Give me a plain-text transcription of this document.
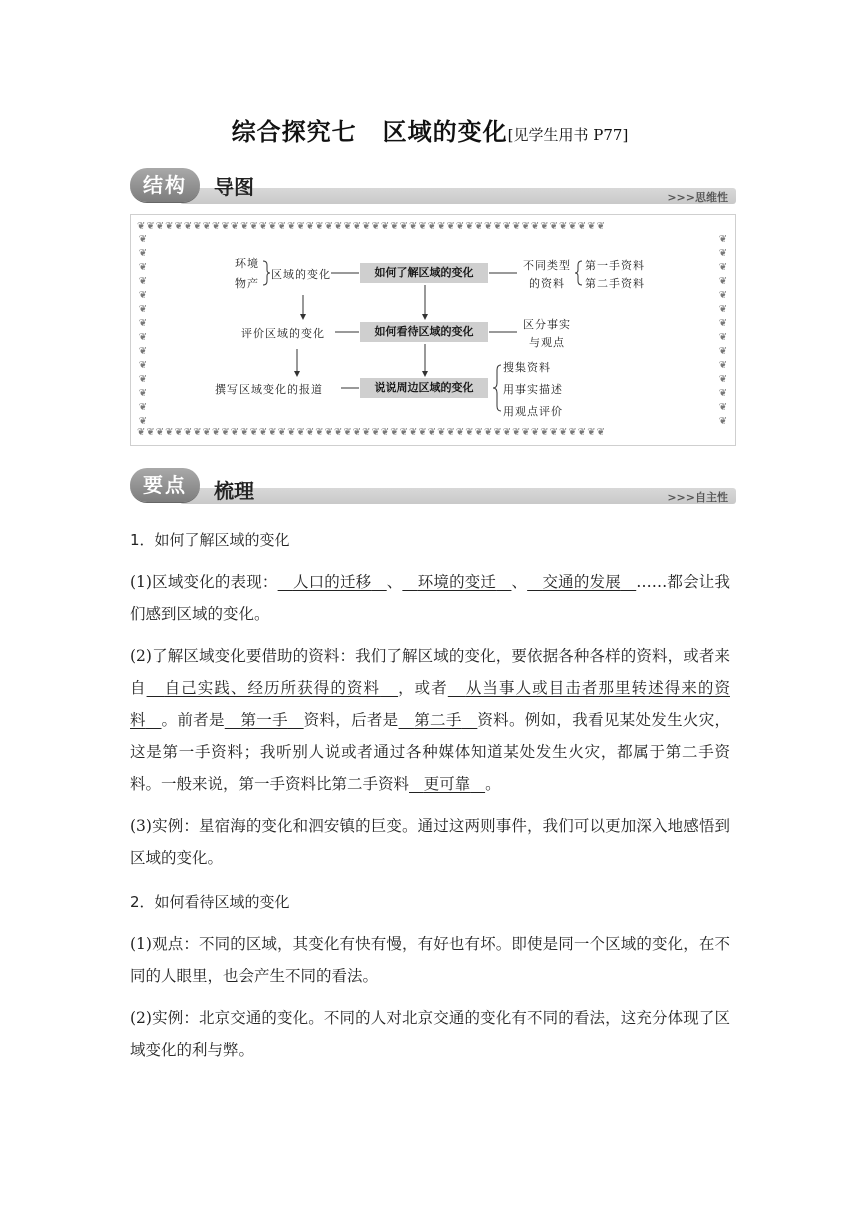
综合探究七 区域的变化[见学生用书 P77]
结构	导图	>>>思维性
❦❦❦❦❦❦❦❦❦❦❦❦❦❦❦❦❦❦❦❦❦❦❦❦❦❦❦❦❦❦❦❦❦❦❦❦❦❦❦❦❦❦❦❦❦❦❦❦❦❦
❦❦❦❦❦❦❦❦❦❦❦❦❦❦❦❦❦❦❦❦❦❦❦❦❦❦❦❦❦❦❦❦❦❦❦❦❦❦❦❦❦❦❦❦❦❦❦❦❦❦
❦❦❦❦❦❦❦❦❦❦❦❦❦❦
❦❦❦❦❦❦❦❦❦❦❦❦❦❦
环境
物产
区域的变化	如何了解区域的变化
不同类型
的资料
第一手资料
第二手资料
评价区域的变化	如何看待区域的变化
区分事实
与观点
撰写区域变化的报道	说说周边区域的变化
搜集资料
用事实描述
用观点评价
要点	梳理	>>>自主性

1．如何了解区域的变化

(1)区域变化的表现： 人口的迁移 、 环境的变迁 、 交通的发展 ……都会让我们感到区域的变化。

(2)了解区域变化要借助的资料：我们了解区域的变化，要依据各种各样的资料，或者来自 自己实践、经历所获得的资料 ，或者 从当事人或目击者那里转述得来的资料 。前者是 第一手 资料，后者是 第二手 资料。例如，我看见某处发生火灾，这是第一手资料；我听别人说或者通过各种媒体知道某处发生火灾，都属于第二手资料。一般来说，第一手资料比第二手资料 更可靠 。

(3)实例：星宿海的变化和泗安镇的巨变。通过这两则事件，我们可以更加深入地感悟到区域的变化。

2．如何看待区域的变化

(1)观点：不同的区域，其变化有快有慢，有好也有坏。即使是同一个区域的变化，在不同的人眼里，也会产生不同的看法。

(2)实例：北京交通的变化。不同的人对北京交通的变化有不同的看法，这充分体现了区域变化的利与弊。
